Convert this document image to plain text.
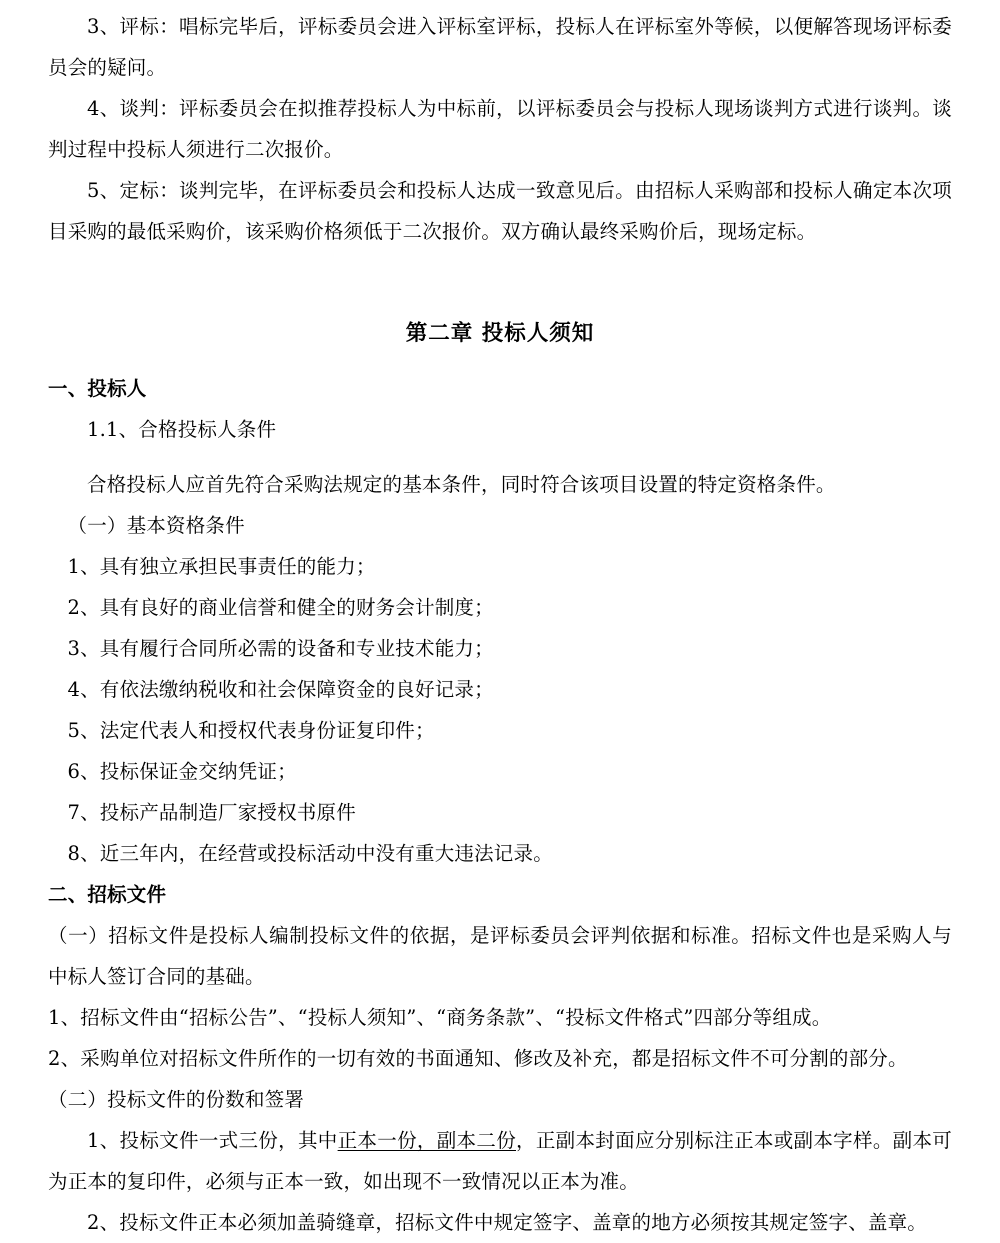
3、评标：唱标完毕后，评标委员会进入评标室评标，投标人在评标室外等候，以便解答现场评标委员会的疑问。

4、谈判：评标委员会在拟推荐投标人为中标前，以评标委员会与投标人现场谈判方式进行谈判。谈判过程中投标人须进行二次报价。

5、定标：谈判完毕，在评标委员会和投标人达成一致意见后。由招标人采购部和投标人确定本次项目采购的最低采购价，该采购价格须低于二次报价。双方确认最终采购价后，现场定标。

第二章 投标人须知

一、投标人

1.1、合格投标人条件

合格投标人应首先符合采购法规定的基本条件，同时符合该项目设置的特定资格条件。

（一）基本资格条件

1、具有独立承担民事责任的能力；

2、具有良好的商业信誉和健全的财务会计制度；

3、具有履行合同所必需的设备和专业技术能力；

4、有依法缴纳税收和社会保障资金的良好记录；

5、法定代表人和授权代表身份证复印件；

6、投标保证金交纳凭证；

7、投标产品制造厂家授权书原件

8、近三年内，在经营或投标活动中没有重大违法记录。

二、招标文件

（一）招标文件是投标人编制投标文件的依据，是评标委员会评判依据和标准。招标文件也是采购人与中标人签订合同的基础。

1、招标文件由“招标公告”、“投标人须知”、“商务条款”、“投标文件格式”四部分等组成。

2、采购单位对招标文件所作的一切有效的书面通知、修改及补充，都是招标文件不可分割的部分。

（二）投标文件的份数和签署

1、投标文件一式三份，其中正本一份，副本二份，正副本封面应分别标注正本或副本字样。副本可为正本的复印件，必须与正本一致，如出现不一致情况以正本为准。

2、投标文件正本必须加盖骑缝章，招标文件中规定签字、盖章的地方必须按其规定签字、盖章。
